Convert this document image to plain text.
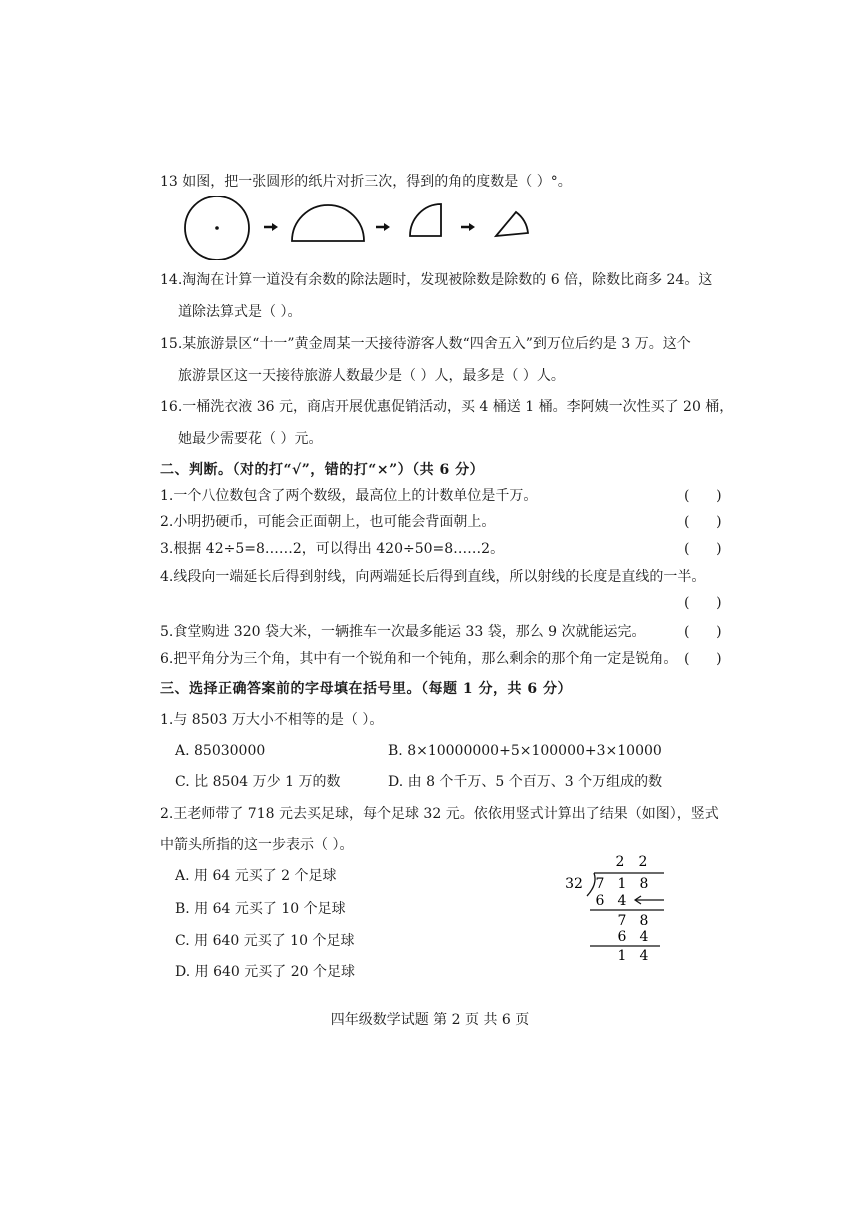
13 如图，把一张圆形的纸片对折三次，得到的角的度数是（ ）°。
14.淘淘在计算一道没有余数的除法题时，发现被除数是除数的 6 倍，除数比商多 24。这
道除法算式是（ ）。
15.某旅游景区“十一”黄金周某一天接待游客人数“四舍五入”到万位后约是 3 万。这个
旅游景区这一天接待旅游人数最少是（ ）人，最多是（ ）人。
16.一桶洗衣液 36 元，商店开展优惠促销活动，买 4 桶送 1 桶。李阿姨一次性买了 20 桶，
她最少需要花（ ）元。
二、判断。（对的打“√”，错的打“×”）（共 6 分）
1.一个八位数包含了两个数级，最高位上的计数单位是千万。	(      )
2.小明扔硬币，可能会正面朝上，也可能会背面朝上。	(      )
3.根据 42÷5=8……2，可以得出 420÷50=8……2。	(      )
4.线段向一端延长后得到射线，向两端延长后得到直线，所以射线的长度是直线的一半。
(      )
5.食堂购进 320 袋大米，一辆推车一次最多能运 33 袋，那么 9 次就能运完。	(      )
6.把平角分为三个角，其中有一个锐角和一个钝角，那么剩余的那个角一定是锐角。 (      )
三、选择正确答案前的字母填在括号里。（每题 1 分，共 6 分）
1.与 8503 万大小不相等的是（ ）。
A. 85030000	B. 8×10000000+5×100000+3×10000
C. 比 8504 万少 1 万的数	D. 由 8 个千万、5 个百万、3 个万组成的数
2.王老师带了 718 元去买足球，每个足球 32 元。依依用竖式计算出了结果（如图），竖式
中箭头所指的这一步表示（ ）。
A. 用 64 元买了 2 个足球
B. 用 64 元买了 10 个足球
C. 用 640 元买了 10 个足球
D. 用 640 元买了 20 个足球
2 2
32 7 1 8
6 4
7 8
6 4
1 4
四年级数学试题 第 2 页 共 6 页
